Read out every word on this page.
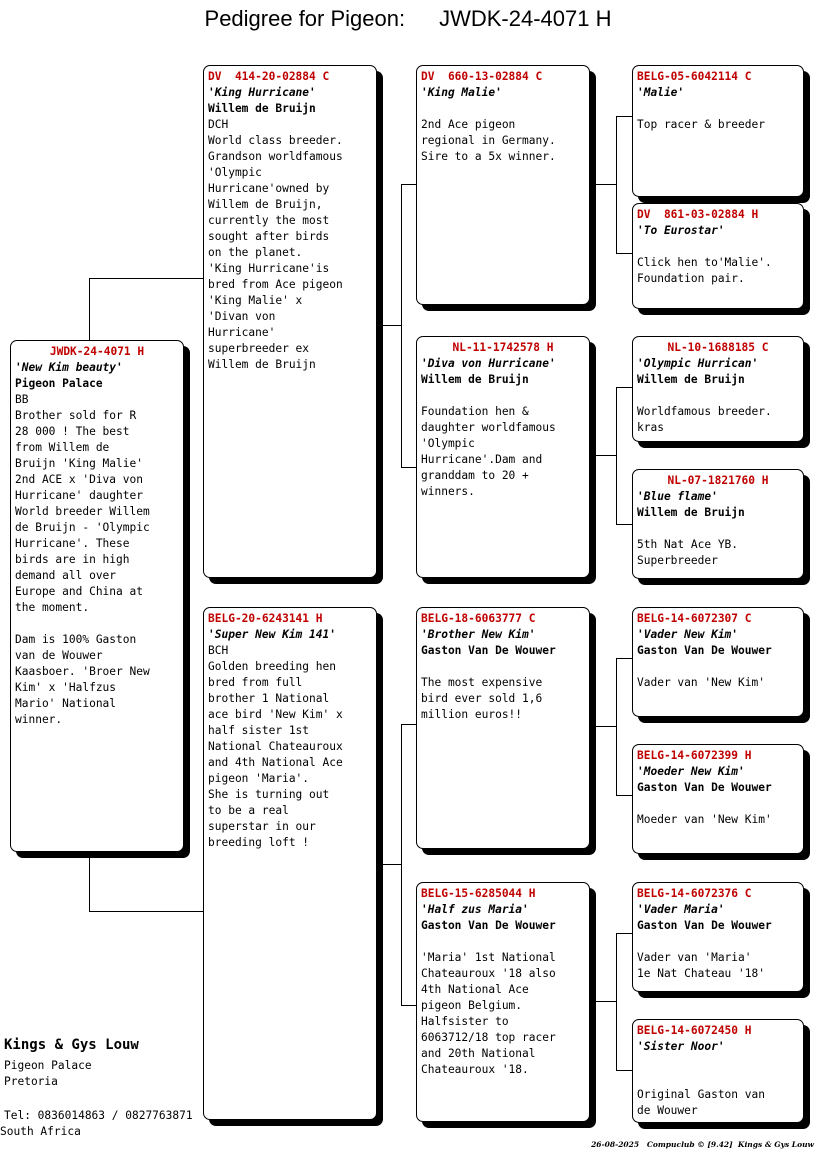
Pedigree for Pigeon: JWDK-24-4071 H
JWDK-24-4071 H
'New Kim beauty'
Pigeon Palace
BB
Brother sold for R
28 000 ! The best
from Willem de
Bruijn 'King Malie'
2nd ACE x 'Diva von
Hurricane' daughter
World breeder Willem
de Bruijn - 'Olympic
Hurricane'. These
birds are in high
demand all over
Europe and China at
the moment.

Dam is 100% Gaston
van de Wouwer
Kaasboer. 'Broer New
Kim' x 'Halfzus
Mario' National
winner.
DV  414-20-02884 C
'King Hurricane'
Willem de Bruijn
DCH
World class breeder.
Grandson worldfamous
'Olympic
Hurricane'owned by
Willem de Bruijn,
currently the most
sought after birds
on the planet.
'King Hurricane'is
bred from Ace pigeon
'King Malie' x
'Divan von
Hurricane'
superbreeder ex
Willem de Bruijn
BELG-20-6243141 H
'Super New Kim 141'
BCH
Golden breeding hen
bred from full
brother 1 National
ace bird 'New Kim' x
half sister 1st
National Chateauroux
and 4th National Ace
pigeon 'Maria'.
She is turning out
to be a real
superstar in our
breeding loft !
DV  660-13-02884 C
'King Malie'

2nd Ace pigeon
regional in Germany.
Sire to a 5x winner.
NL-11-1742578 H
'Diva von Hurricane'
Willem de Bruijn

Foundation hen &
daughter worldfamous
'Olympic
Hurricane'.Dam and
granddam to 20 +
winners.
BELG-18-6063777 C
'Brother New Kim'
Gaston Van De Wouwer

The most expensive
bird ever sold 1,6
million euros!!
BELG-15-6285044 H
'Half zus Maria'
Gaston Van De Wouwer

'Maria' 1st National
Chateauroux '18 also
4th National Ace
pigeon Belgium.
Halfsister to
6063712/18 top racer
and 20th National
Chateauroux '18.
BELG-05-6042114 C
'Malie'

Top racer & breeder
DV  861-03-02884 H
'To Eurostar'

Click hen to'Malie'.
Foundation pair.
NL-10-1688185 C
'Olympic Hurrican'
Willem de Bruijn

Worldfamous breeder.
kras
NL-07-1821760 H
'Blue flame'
Willem de Bruijn

5th Nat Ace YB.
Superbreeder
BELG-14-6072307 C
'Vader New Kim'
Gaston Van De Wouwer

Vader van 'New Kim'
BELG-14-6072399 H
'Moeder New Kim'
Gaston Van De Wouwer

Moeder van 'New Kim'
BELG-14-6072376 C
'Vader Maria'
Gaston Van De Wouwer

Vader van 'Maria'
1e Nat Chateau '18'
BELG-14-6072450 H
'Sister Noor'

Original Gaston van
de Wouwer
Kings & Gys Louw
Pigeon Palace
Pretoria
Tel: 0836014863 / 0827763871
South Africa
26-08-2025   Compuclub © [9.42]  Kings & Gys Louw
